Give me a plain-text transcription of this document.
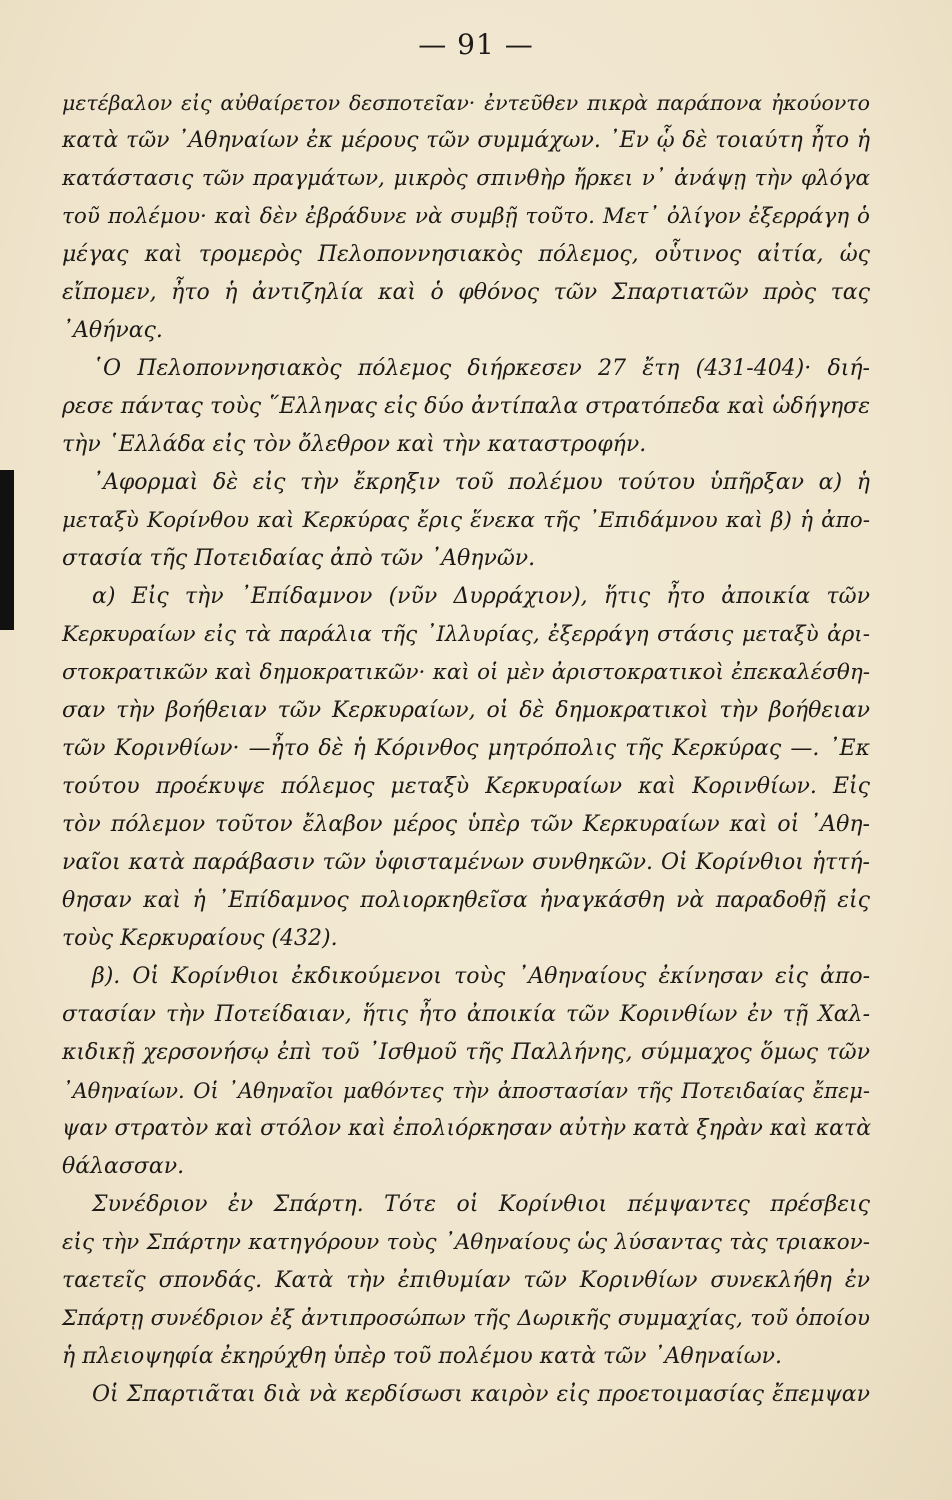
— 91 —
μετέβαλον εἰς αὐθαίρετον δεσποτεῖαν· ἐντεῦθεν πικρὰ παράπονα ἠκούοντο
κατὰ τῶν ᾿Αθηναίων ἐκ μέρους τῶν συμμάχων. ᾿Εν ᾧ δὲ τοιαύτη ἦτο ἡ
κατάστασις τῶν πραγμάτων, μικρὸς σπινθὴρ ἤρκει ν᾿ ἀνάψῃ τὴν φλόγα
τοῦ πολέμου· καὶ δὲν ἐβράδυνε νὰ συμβῇ τοῦτο. Μετ᾿ ὀλίγον ἐξερράγη ὁ
μέγας καὶ τρομερὸς Πελοποννησιακὸς πόλεμος, οὗτινος αἰτία, ὡς
εἴπομεν, ἦτο ἡ ἀντιζηλία καὶ ὁ φθόνος τῶν Σπαρτιατῶν πρὸς τας
᾿Αθήνας.
῾Ο Πελοποννησιακὸς πόλεμος διήρκεσεν 27 ἔτη (431-404)· διή-
ρεσε πάντας τοὺς ῞Ελληνας εἰς δύο ἀντίπαλα στρατόπεδα καὶ ὡδήγησε
τὴν ῾Ελλάδα εἰς τὸν ὄλεθρον καὶ τὴν καταστροφήν.
᾿Αφορμαὶ δὲ εἰς τὴν ἔκρηξιν τοῦ πολέμου τούτου ὑπῆρξαν α) ἡ
μεταξὺ Κορίνθου καὶ Κερκύρας ἔρις ἕνεκα τῆς ᾿Επιδάμνου καὶ β) ἡ ἀπο-
στασία τῆς Ποτειδαίας ἀπὸ τῶν ᾿Αθηνῶν.
α) Εἰς τὴν ᾿Επίδαμνον (νῦν Δυρράχιον), ἥτις ἦτο ἀποικία τῶν
Κερκυραίων εἰς τὰ παράλια τῆς ᾿Ιλλυρίας, ἐξερράγη στάσις μεταξὺ ἀρι-
στοκρατικῶν καὶ δημοκρατικῶν· καὶ οἱ μὲν ἀριστοκρατικοὶ ἐπεκαλέσθη-
σαν τὴν βοήθειαν τῶν Κερκυραίων, οἱ δὲ δημοκρατικοὶ τὴν βοήθειαν
τῶν Κορινθίων· —ἦτο δὲ ἡ Κόρινθος μητρόπολις τῆς Κερκύρας —. ᾿Εκ
τούτου προέκυψε πόλεμος μεταξὺ Κερκυραίων καὶ Κορινθίων. Εἰς
τὸν πόλεμον τοῦτον ἔλαβον μέρος ὑπὲρ τῶν Κερκυραίων καὶ οἱ ᾿Αθη-
ναῖοι κατὰ παράβασιν τῶν ὑφισταμένων συνθηκῶν. Οἱ Κορίνθιοι ἡττή-
θησαν καὶ ἡ ᾿Επίδαμνος πολιορκηθεῖσα ἠναγκάσθη νὰ παραδοθῇ εἰς
τοὺς Κερκυραίους (432).
β). Οἱ Κορίνθιοι ἐκδικούμενοι τοὺς ᾿Αθηναίους ἐκίνησαν εἰς ἀπο-
στασίαν τὴν Ποτείδαιαν, ἥτις ἦτο ἀποικία τῶν Κορινθίων ἐν τῇ Χαλ-
κιδικῇ χερσονήσῳ ἐπὶ τοῦ ᾿Ισθμοῦ τῆς Παλλήνης, σύμμαχος ὅμως τῶν
᾿Αθηναίων. Οἱ ᾿Αθηναῖοι μαθόντες τὴν ἀποστασίαν τῆς Ποτειδαίας ἔπεμ-
ψαν στρατὸν καὶ στόλον καὶ ἐπολιόρκησαν αὐτὴν κατὰ ξηρὰν καὶ κατὰ
θάλασσαν.
Συνέδριον ἐν Σπάρτη. Τότε οἱ Κορίνθιοι πέμψαντες πρέσβεις
εἰς τὴν Σπάρτην κατηγόρουν τοὺς ᾿Αθηναίους ὡς λύσαντας τὰς τριακον-
ταετεῖς σπονδάς. Κατὰ τὴν ἐπιθυμίαν τῶν Κορινθίων συνεκλήθη ἐν
Σπάρτῃ συνέδριον ἐξ ἀντιπροσώπων τῆς Δωρικῆς συμμαχίας, τοῦ ὁποίου
ἡ πλειοψηφία ἐκηρύχθη ὑπὲρ τοῦ πολέμου κατὰ τῶν ᾿Αθηναίων.
Οἱ Σπαρτιᾶται διὰ νὰ κερδίσωσι καιρὸν εἰς προετοιμασίας ἔπεμψαν
